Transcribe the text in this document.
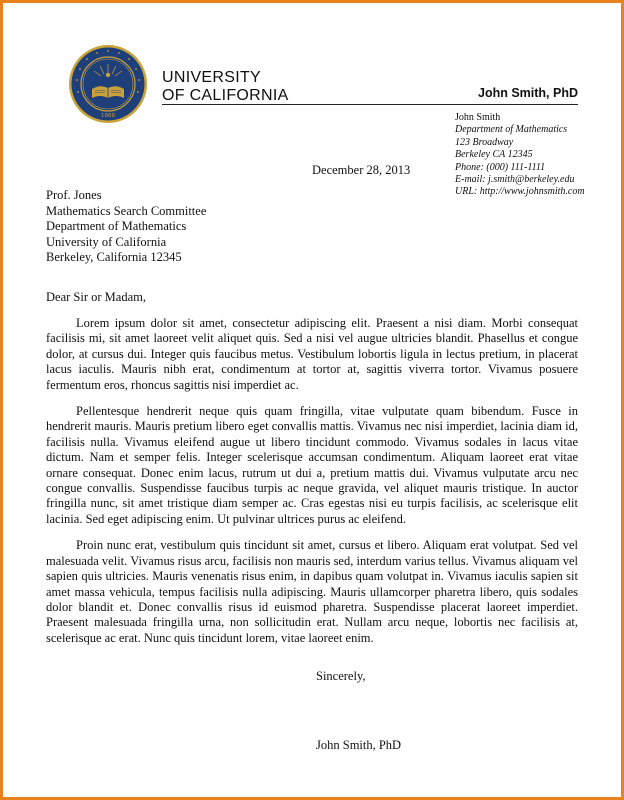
1868
UNIVERSITY
OF CALIFORNIA	John Smith, PhD
John Smith
Department of Mathematics
123 Broadway
Berkeley CA 12345
Phone: (000) 111-1111
E-mail: j.smith@berkeley.edu
URL: http://www.johnsmith.com
December 28, 2013
Prof. Jones
Mathematics Search Committee
Department of Mathematics
University of California
Berkeley, California 12345
Dear Sir or Madam,

Lorem ipsum dolor sit amet, consectetur adipiscing elit. Praesent a nisi diam. Morbi consequat facilisis mi, sit amet laoreet velit aliquet quis. Sed a nisi vel augue ultricies blandit. Phasellus et congue dolor, at cursus dui. Integer quis faucibus metus. Vestibulum lobortis ligula in lectus pretium, in placerat lacus iaculis. Mauris nibh erat, condimentum at tortor at, sagittis viverra tortor. Vivamus posuere fermentum eros, rhoncus sagittis nisi imperdiet ac.

Pellentesque hendrerit neque quis quam fringilla, vitae vulputate quam bibendum. Fusce in hendrerit mauris. Mauris pretium libero eget convallis mattis. Vivamus nec nisi imperdiet, lacinia diam id, facilisis nulla. Vivamus eleifend augue ut libero tincidunt commodo. Vivamus sodales in lacus vitae dictum. Nam et semper felis. Integer scelerisque accumsan condimentum. Aliquam laoreet erat vitae ornare consequat. Donec enim lacus, rutrum ut dui a, pretium mattis dui. Vivamus vulputate arcu nec congue convallis. Suspendisse faucibus turpis ac neque gravida, vel aliquet mauris tristique. In auctor fringilla nunc, sit amet tristique diam semper ac. Cras egestas nisi eu turpis facilisis, ac scelerisque elit lacinia. Sed eget adipiscing enim. Ut pulvinar ultrices purus ac eleifend.

Proin nunc erat, vestibulum quis tincidunt sit amet, cursus et libero. Aliquam erat volutpat. Sed vel malesuada velit. Vivamus risus arcu, facilisis non mauris sed, interdum varius tellus. Vivamus aliquam vel sapien quis ultricies. Mauris venenatis risus enim, in dapibus quam volutpat in. Vivamus iaculis sapien sit amet massa vehicula, tempus facilisis nulla adipiscing. Mauris ullamcorper pharetra libero, quis sodales dolor blandit et. Donec convallis risus id euismod pharetra. Suspendisse placerat laoreet imperdiet. Praesent malesuada fringilla urna, non sollicitudin erat. Nullam arcu neque, lobortis nec facilisis at, scelerisque ac erat. Nunc quis tincidunt lorem, vitae laoreet enim.

Sincerely,
John Smith, PhD
